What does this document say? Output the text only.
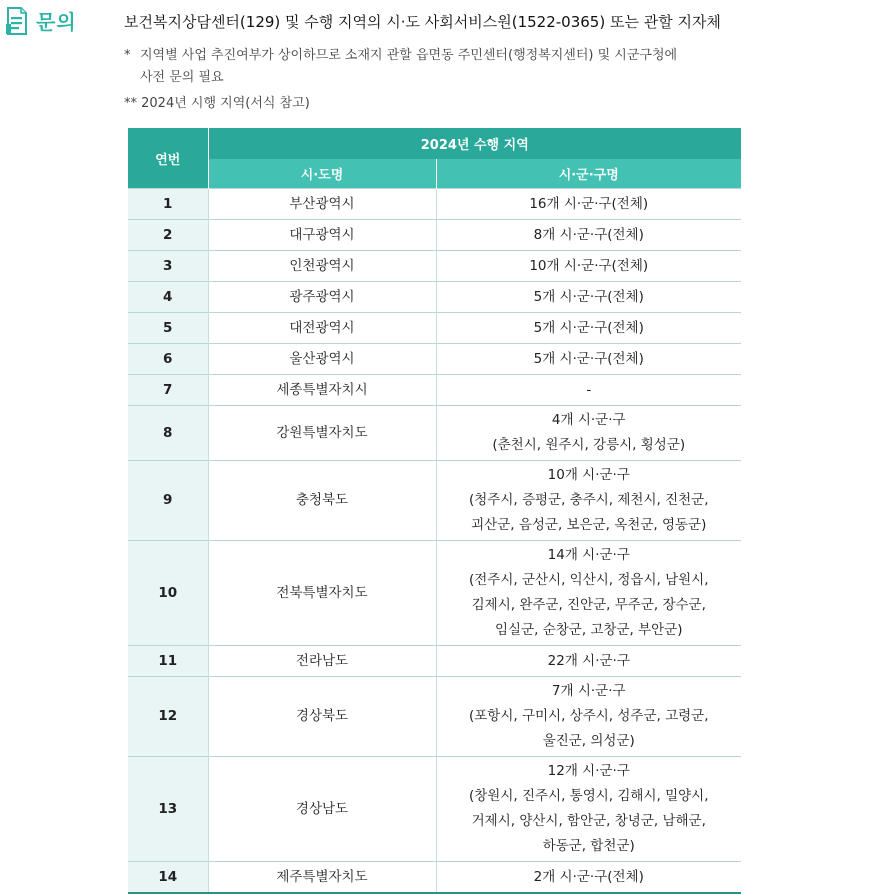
문의	보건복지상담센터(129) 및 수행 지역의 시·도 사회서비스원(1522-0365) 또는 관할 지자체
* 지역별 사업 추진여부가 상이하므로 소재지 관할 읍면동 주민센터(행정복지센터) 및 시군구청에
사전 문의 필요
** 2024년 시행 지역(서식 참고)
연번	2024년 수행 지역	
	시·도명	시·군·구명
1	부산광역시	16개 시·군·구(전체)

2	대구광역시	8개 시·군·구(전체)

3	인천광역시	10개 시·군·구(전체)

4	광주광역시	5개 시·군·구(전체)

5	대전광역시	5개 시·군·구(전체)

6	울산광역시	5개 시·군·구(전체)

7	세종특별자치시	-

8	강원특별자치도	4개 시·군·구
(춘천시, 원주시, 강릉시, 횡성군)

9	충청북도	10개 시·군·구
(청주시, 증평군, 충주시, 제천시, 진천군,
괴산군, 음성군, 보은군, 옥천군, 영동군)

10	전북특별자치도	14개 시·군·구
(전주시, 군산시, 익산시, 정읍시, 남원시,
김제시, 완주군, 진안군, 무주군, 장수군,
임실군, 순창군, 고창군, 부안군)

11	전라남도	22개 시·군·구

12	경상북도	7개 시·군·구
(포항시, 구미시, 상주시, 성주군, 고령군,
울진군, 의성군)

13	경상남도	12개 시·군·구
(창원시, 진주시, 통영시, 김해시, 밀양시,
거제시, 양산시, 함안군, 창녕군, 남해군,
하동군, 합천군)

14	제주특별자치도	2개 시·군·구(전체)
